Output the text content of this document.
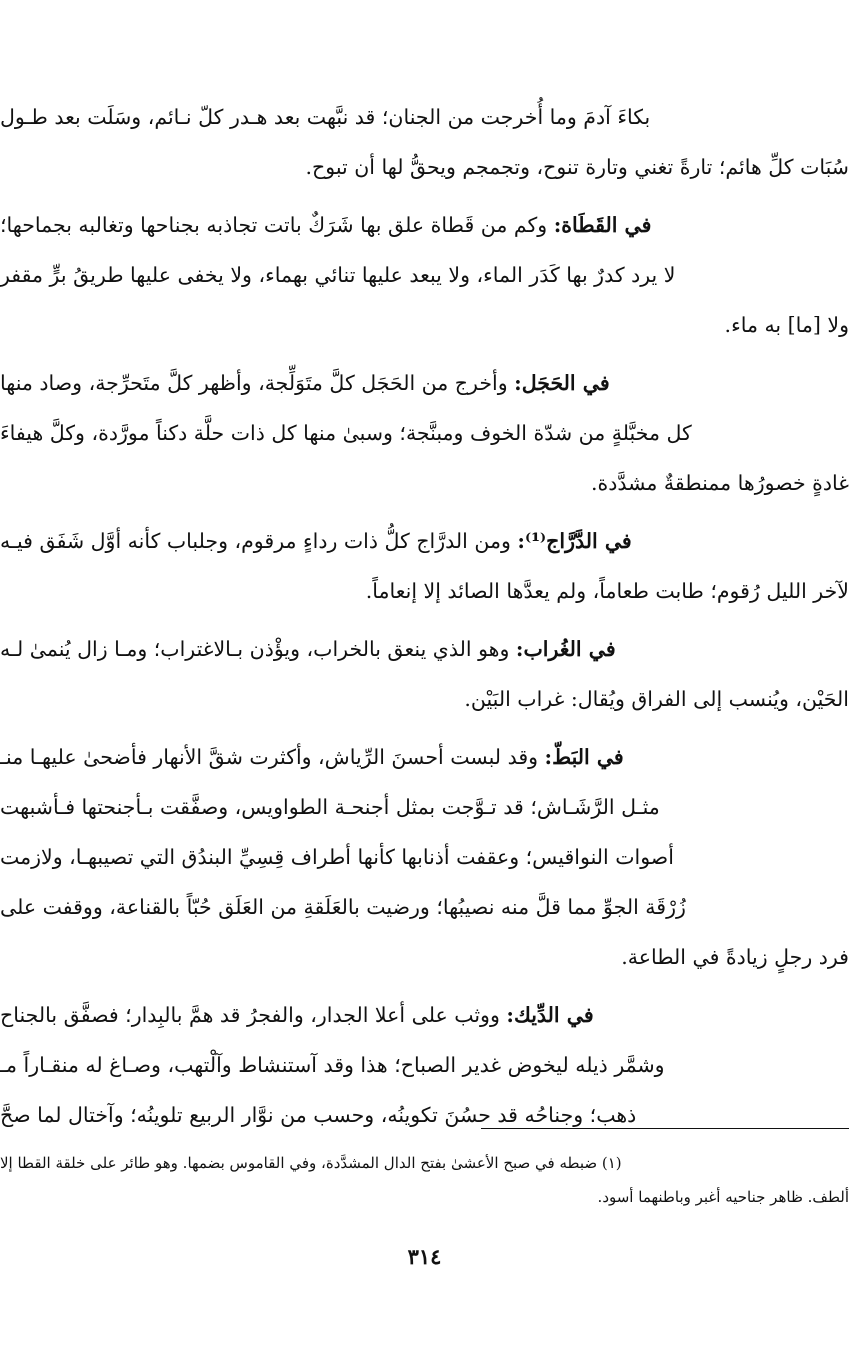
بكاءَ آدمَ وما أُخرجت من الجنان؛ قد نبَّهت بعد هـدر كلّ نـائم، وسَلَت بعد طـول
سُبَات كلِّ هائم؛ تارةً تغني وتارة تنوح، وتجمجم ويحقُّ لها أن تبوح.
في القَطَاة: وكم من قَطاة علق بها شَرَكٌ باتت تجاذبه بجناحها وتغالبه بجماحها؛
لا يرد كدرٌ بها كَدَر الماء، ولا يبعد عليها تنائي بهماء، ولا يخفى عليها طريقُ برٍّ مقفر
ولا [ما] به ماء.
في الحَجَل: وأخرج من الحَجَل كلَّ متَوَلِّجة، وأظهر كلَّ متَحرِّجة، وصاد منها
كل مخبَّلةٍ من شدّة الخوف ومبنَّجة؛ وسبىٰ منها كل ذات حلَّة دكناً مورَّدة، وكلَّ هيفاءَ
غادةٍ خصورُها ممنطقةٌ مشدَّدة.
في الدَّرَّاج⁽¹⁾: ومن الدرَّاج كلُّ ذات رداءٍ مرقوم، وجلباب كأنه أوَّل شَفَق فيـه
لآخر الليل رُقوم؛ طابت طعاماً، ولم يعدَّها الصائد إلا إنعاماً.
في الغُراب: وهو الذي ينعق بالخراب، ويؤْذن بـالاغتراب؛ ومـا زال يُنمىٰ لـه
الحَيْن، ويُنسب إلى الفراق ويُقال: غراب البَيْن.
في البَطّ: وقد لبست أحسنَ الرِّياش، وأكثرت شقَّ الأنهار فأضحىٰ عليهـا منـ
مثـل الرَّشَـاش؛ قد تـوَّجت بمثل أجنحـة الطواويس، وصفَّقت بـأجنحتها فـأشبهت
أصوات النواقيس؛ وعقفت أذنابها كأنها أطراف قِسِيِّ البندُق التي تصيبهـا، ولازمت
زُرْقَة الجوِّ مما قلَّ منه نصيبُها؛ ورضيت بالعَلَقةِ من العَلَق حُبّاً بالقناعة، ووقفت على
فرد رجلٍ زيادةً في الطاعة.
في الدِّيك: ووثب على أعلا الجدار، والفجرُ قد همَّ بالبِدار؛ فصفَّق بالجناح
وشمَّر ذيله ليخوض غدير الصباح؛ هذا وقد آستنشاط وآلْتهب، وصـاغ له منقـاراً مـ
ذهب؛ وجناحُه قد حسُنَ تكوينُه، وحسب من نوَّار الربيع تلوينُه؛ وآختال لما صحَّ
(١) ضبطه في صبح الأعشىٰ بفتح الدال المشدَّدة، وفي القاموس بضمها. وهو طائر على خلقة القطا إلا
ألطف. ظاهر جناحيه أغبر وباطنهما أسود.
٣١٤
